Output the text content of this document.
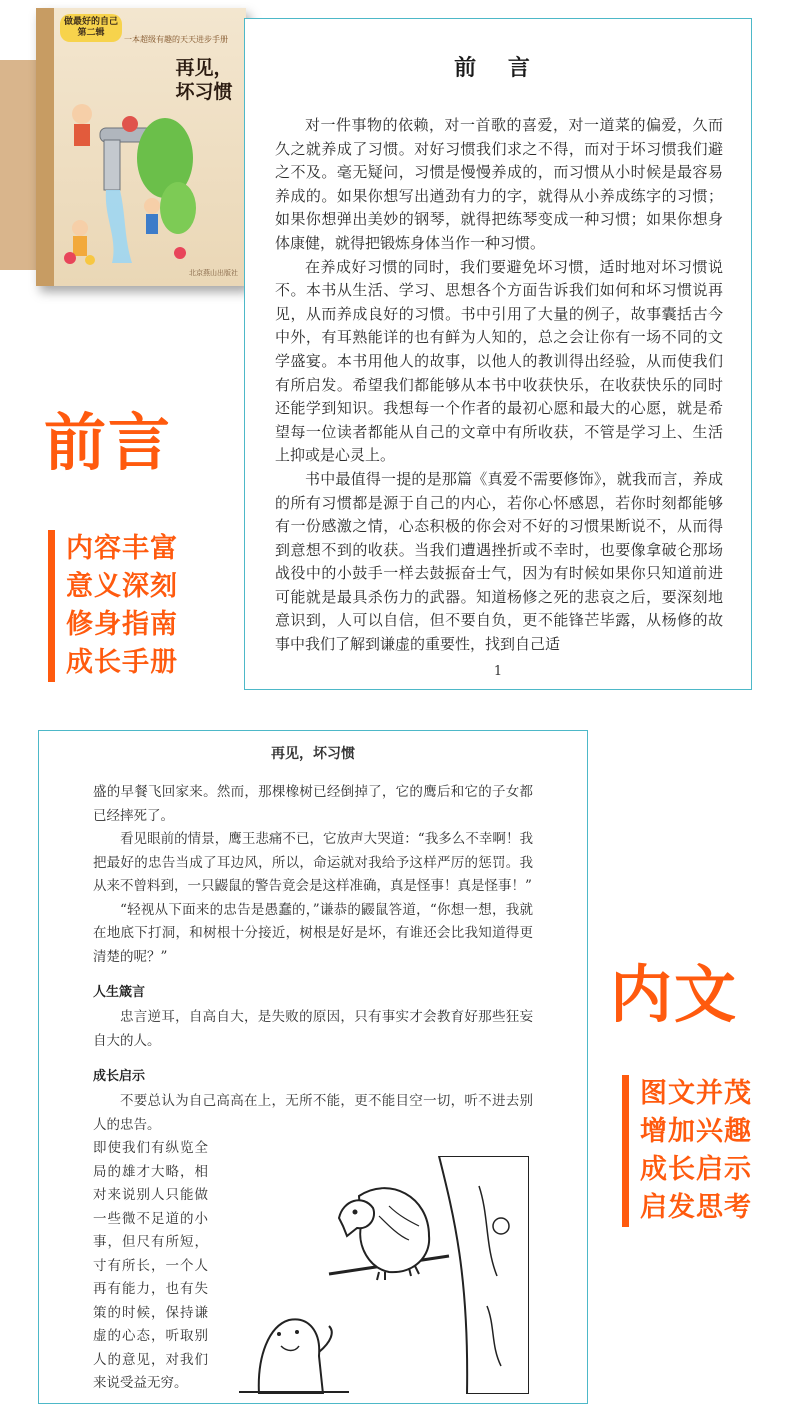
做最好的自己 再见坏习惯
做最好的自己 第二辑
一本超级有趣的天天进步手册
再见，
坏习惯
北京燕山出版社
前 言

对一件事物的依赖，对一首歌的喜爱，对一道菜的偏爱，久而久之就养成了习惯。对好习惯我们求之不得，而对于坏习惯我们避之不及。毫无疑问，习惯是慢慢养成的，而习惯从小时候是最容易养成的。如果你想写出遒劲有力的字，就得从小养成练字的习惯；如果你想弹出美妙的钢琴，就得把练琴变成一种习惯；如果你想身体康健，就得把锻炼身体当作一种习惯。

在养成好习惯的同时，我们要避免坏习惯，适时地对坏习惯说不。本书从生活、学习、思想各个方面告诉我们如何和坏习惯说再见，从而养成良好的习惯。书中引用了大量的例子，故事囊括古今中外，有耳熟能详的也有鲜为人知的，总之会让你有一场不同的文学盛宴。本书用他人的故事，以他人的教训得出经验，从而使我们有所启发。希望我们都能够从本书中收获快乐，在收获快乐的同时还能学到知识。我想每一个作者的最初心愿和最大的心愿，就是希望每一位读者都能从自己的文章中有所收获，不管是学习上、生活上抑或是心灵上。

书中最值得一提的是那篇《真爱不需要修饰》，就我而言，养成的所有习惯都是源于自己的内心，若你心怀感恩，若你时刻都能够有一份感激之情，心态积极的你会对不好的习惯果断说不，从而得到意想不到的收获。当我们遭遇挫折或不幸时，也要像拿破仑那场战役中的小鼓手一样去鼓振奋士气，因为有时候如果你只知道前进可能就是最具杀伤力的武器。知道杨修之死的悲哀之后，要深刻地意识到，人可以自信，但不要自负，更不能锋芒毕露，从杨修的故事中我们了解到谦虚的重要性，找到自己适

1
前言
内容丰富
意义深刻
修身指南
成长手册
再见，坏习惯

盛的早餐飞回家来。然而，那棵橡树已经倒掉了，它的鹰后和它的子女都已经摔死了。

看见眼前的情景，鹰王悲痛不已，它放声大哭道：“我多么不幸啊！我把最好的忠告当成了耳边风，所以，命运就对我给予这样严厉的惩罚。我从来不曾料到，一只鼹鼠的警告竟会是这样准确，真是怪事！真是怪事！”

“轻视从下面来的忠告是愚蠢的，”谦恭的鼹鼠答道，“你想一想，我就在地底下打洞，和树根十分接近，树根是好是坏，有谁还会比我知道得更清楚的呢？”

人生箴言

忠言逆耳，自高自大，是失败的原因，只有事实才会教育好那些狂妄自大的人。

成长启示

不要总认为自己高高在上，无所不能，更不能目空一切，听不进去别人的忠告。

即使我们有纵览全局的雄才大略，相对来说别人只能做一些微不足道的小事，但尺有所短，寸有所长，一个人再有能力，也有失策的时候，保持谦虚的心态，听取别人的意见，对我们来说受益无穷。

内文
图文并茂
增加兴趣
成长启示
启发思考
